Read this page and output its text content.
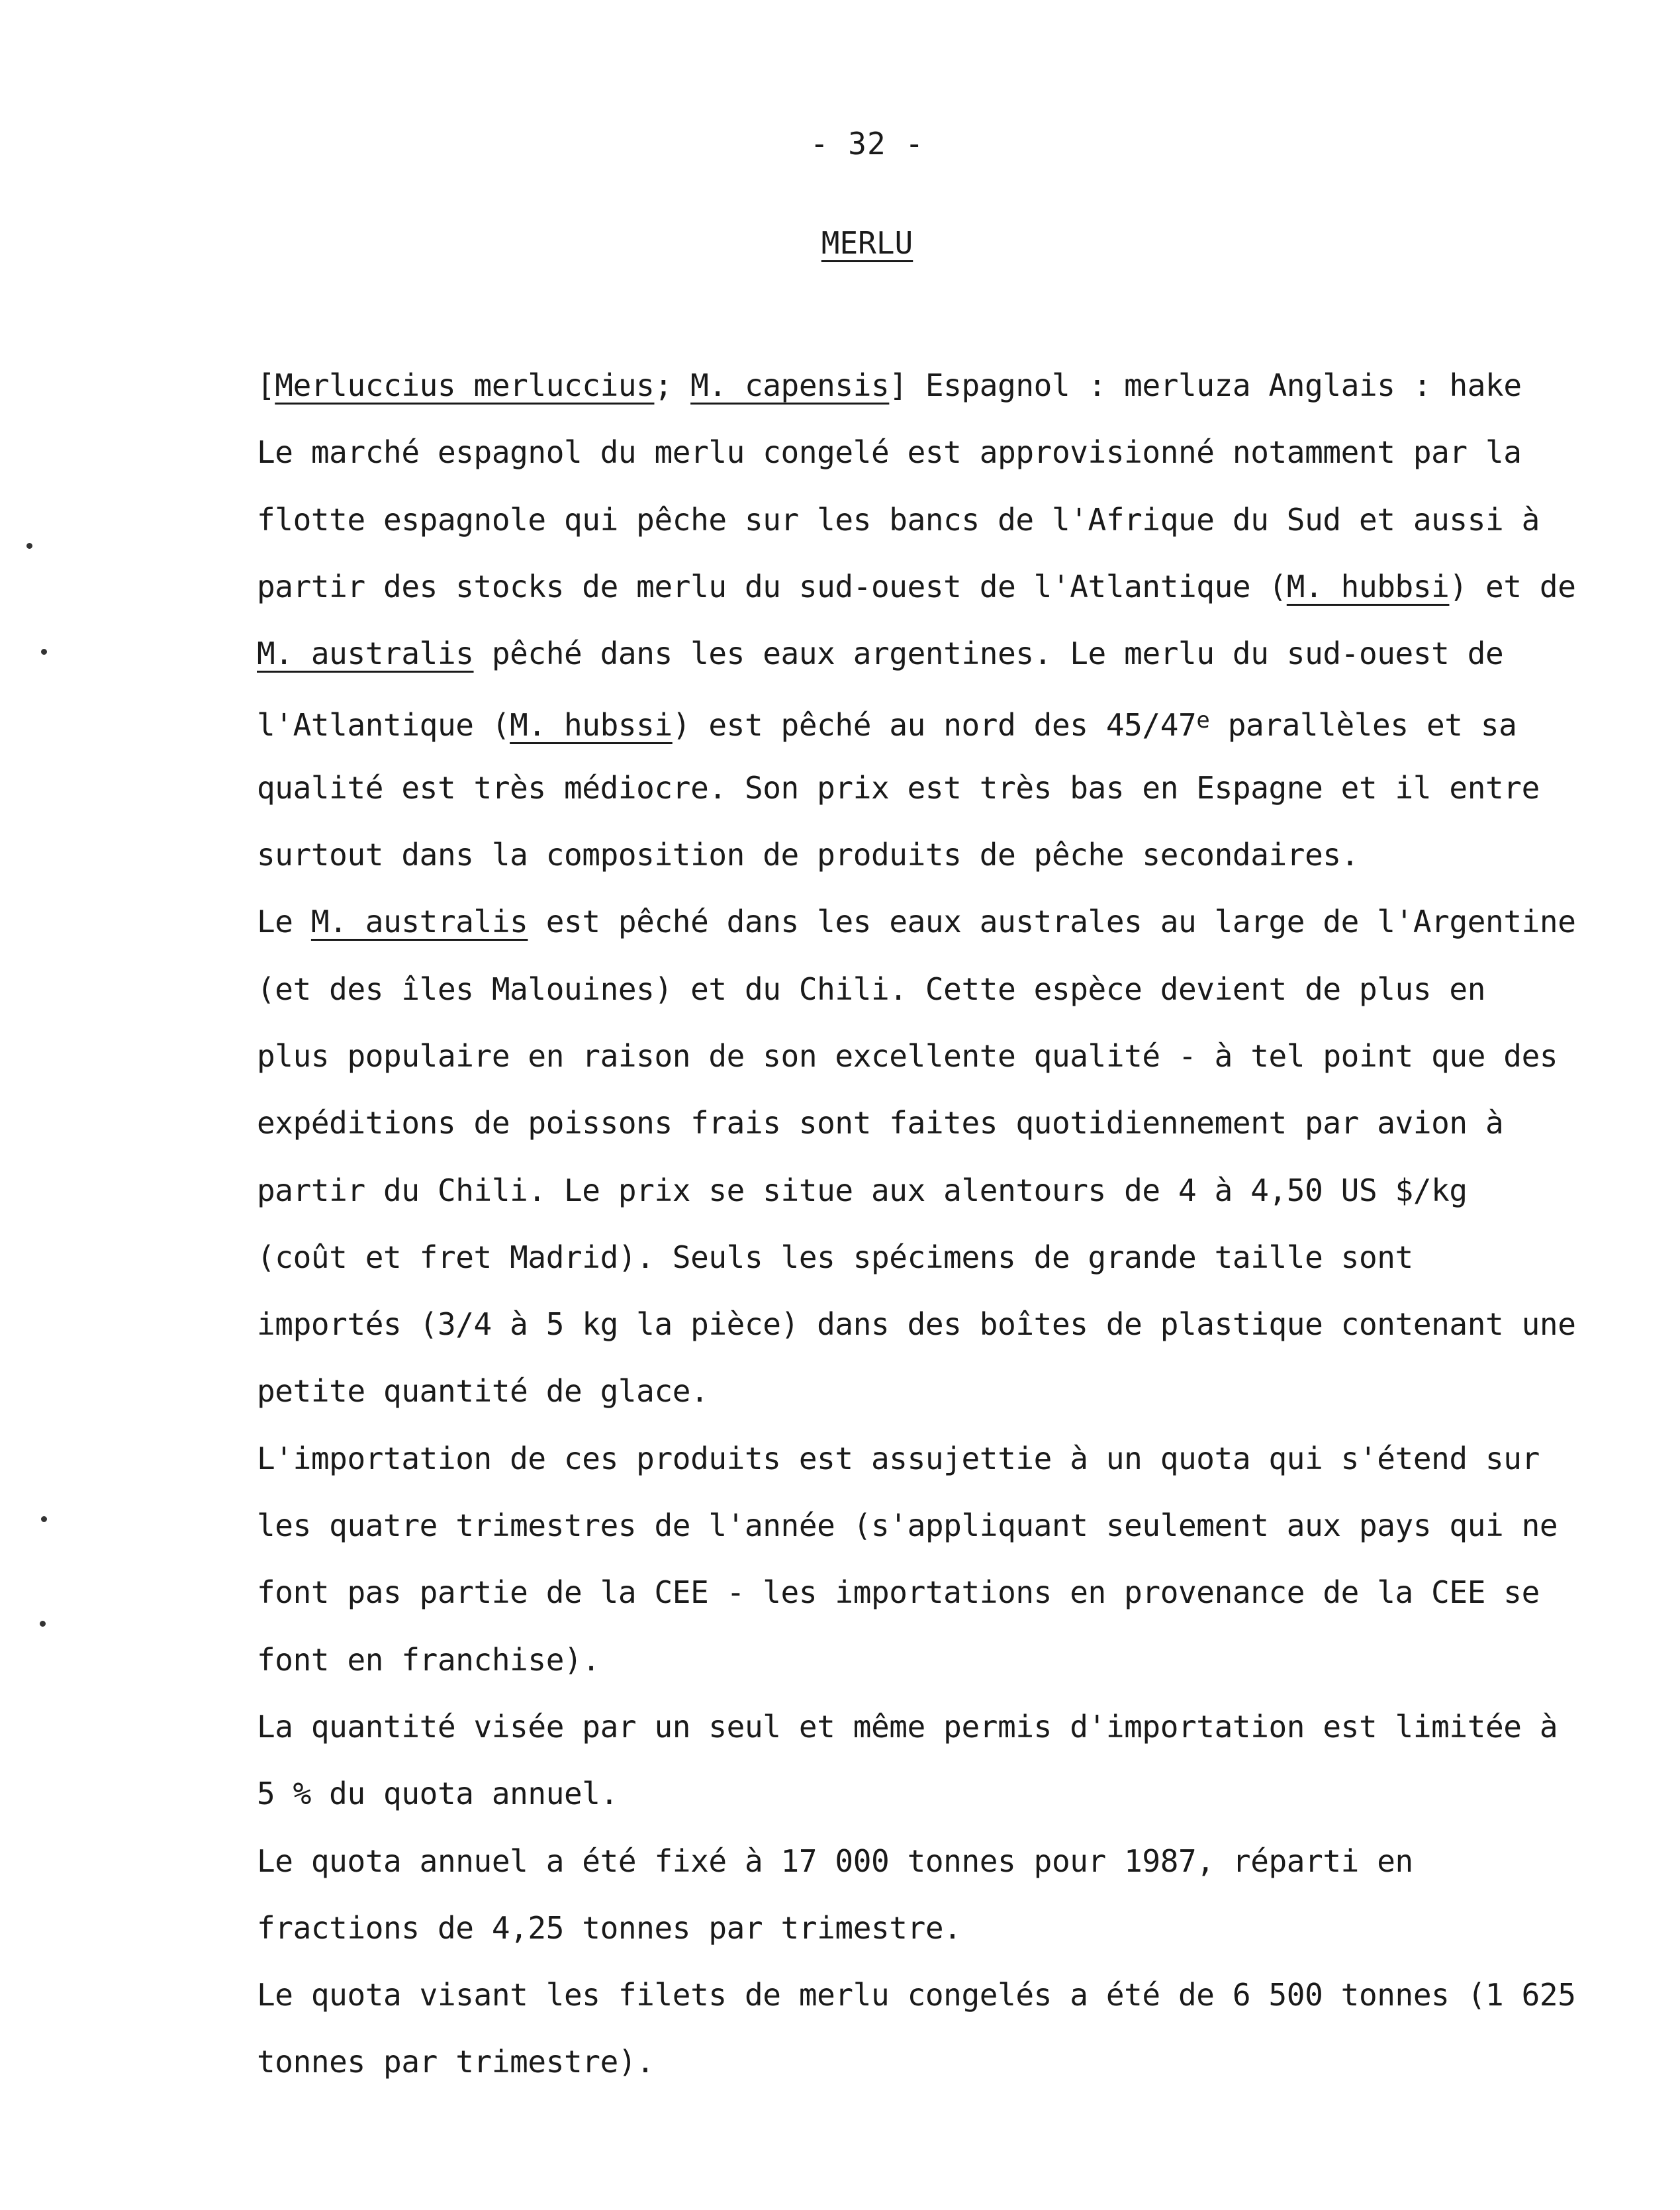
- 32 -
MERLU
[Merluccius merluccius; M. capensis] Espagnol : merluza Anglais : hake
Le marché espagnol du merlu congelé est approvisionné notamment par la
flotte espagnole qui pêche sur les bancs de l'Afrique du Sud et aussi à
partir des stocks de merlu du sud-ouest de l'Atlantique (M. hubbsi) et de
M. australis pêché dans les eaux argentines. Le merlu du sud-ouest de
l'Atlantique (M. hubssi) est pêché au nord des 45/47e parallèles et sa
qualité est très médiocre. Son prix est très bas en Espagne et il entre
surtout dans la composition de produits de pêche secondaires.
Le M. australis est pêché dans les eaux australes au large de l'Argentine
(et des îles Malouines) et du Chili. Cette espèce devient de plus en
plus populaire en raison de son excellente qualité - à tel point que des
expéditions de poissons frais sont faites quotidiennement par avion à
partir du Chili. Le prix se situe aux alentours de 4 à 4,50 US $/kg
(coût et fret Madrid). Seuls les spécimens de grande taille sont
importés (3/4 à 5 kg la pièce) dans des boîtes de plastique contenant une
petite quantité de glace.
L'importation de ces produits est assujettie à un quota qui s'étend sur
les quatre trimestres de l'année (s'appliquant seulement aux pays qui ne
font pas partie de la CEE - les importations en provenance de la CEE se
font en franchise).
La quantité visée par un seul et même permis d'importation est limitée à
5 % du quota annuel.
Le quota annuel a été fixé à 17 000 tonnes pour 1987, réparti en
fractions de 4,25 tonnes par trimestre.
Le quota visant les filets de merlu congelés a été de 6 500 tonnes (1 625
tonnes par trimestre).
